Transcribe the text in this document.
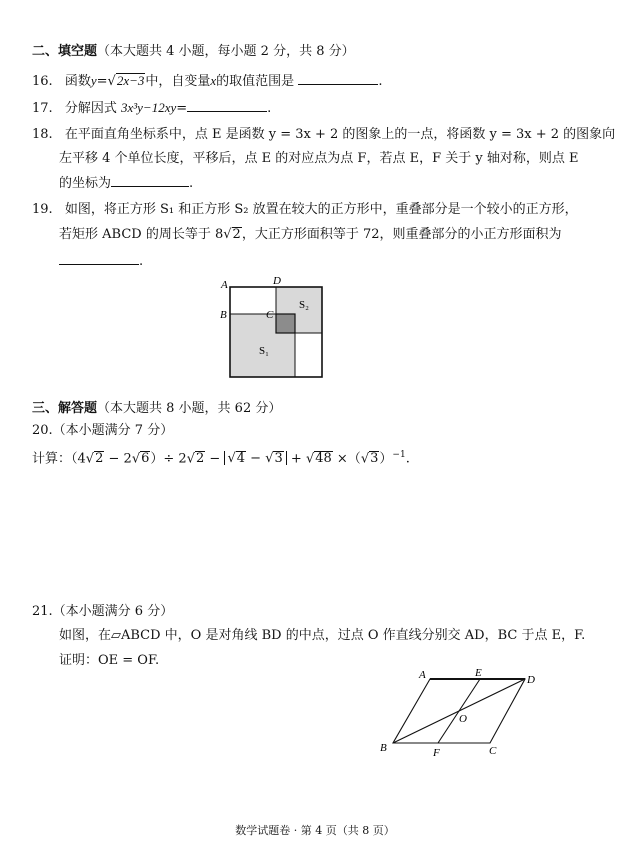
二、填空题（本大题共 4 小题，每小题 2 分，共 8 分）
16. 函数y=√2x−3中，自变量x的取值范围是	.
17. 分解因式 3x³y−12xy=	.
18. 在平面直角坐标系中，点 E 是函数 y = 3x + 2 的图象上的一点，将函数 y = 3x + 2 的图象向
左平移 4 个单位长度，平移后，点 E 的对应点为点 F，若点 E，F 关于 y 轴对称，则点 E
的坐标为	.
19. 如图，将正方形 S₁ 和正方形 S₂ 放置在较大的正方形中，重叠部分是一个较小的正方形，
若矩形 ABCD 的周长等于 8√2，大正方形面积等于 72，则重叠部分的小正方形面积为
.
A	D
B	C
S₂
S₁
三、解答题（本大题共 8 小题，共 62 分）
20.（本小题满分 7 分）
计算：$(4√2 - 2√6)\div 2√2 - √4 - √3 + √48 \times(√3)^{-1}$.
21.（本小题满分 6 分）
如图，在▱ABCD 中，O 是对角线 BD 的中点，过点 O 作直线分别交 AD，BC 于点 E，F.
证明：OE = OF.
A	E
D
O
B	F	C
数学试题卷 · 第 4 页（共 8 页）
